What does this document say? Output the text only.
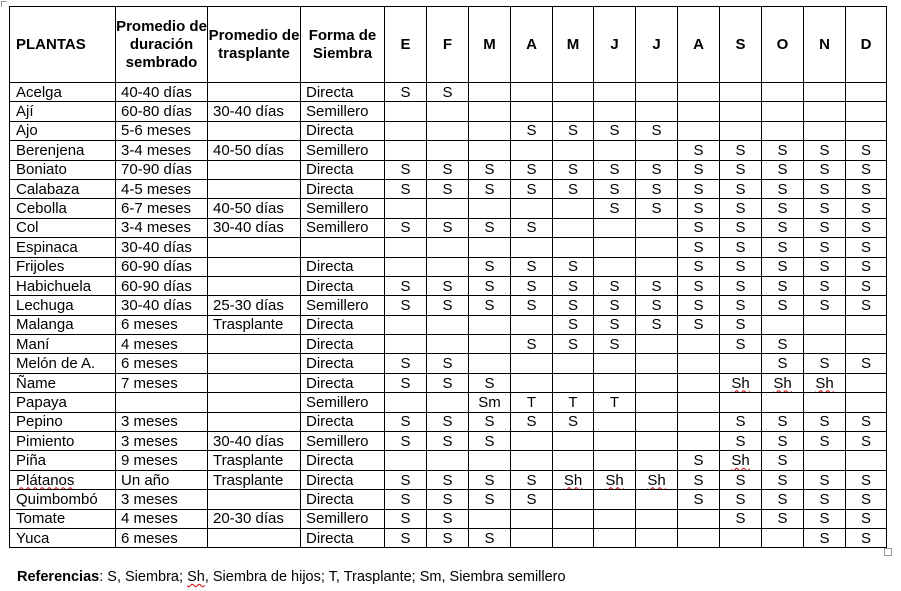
PLANTAS	Promedio de duración sembrado	Promedio de trasplante	Forma de Siembra	E	F	M	A	M	J	J	A	S	O	N	D
Acelga	40-40 días		Directa	S	S										
Ají	60-80 días	30-40 días	Semillero												
Ajo	5-6 meses		Directa				S	S	S	S					
Berenjena	3-4 meses	40-50 días	Semillero								S	S	S	S	S
Boniato	70-90 días		Directa	S	S	S	S	S	S	S	S	S	S	S	S
Calabaza	4-5 meses		Directa	S	S	S	S	S	S	S	S	S	S	S	S
Cebolla	6-7 meses	40-50 días	Semillero						S	S	S	S	S	S	S
Col	3-4 meses	30-40 días	Semillero	S	S	S	S				S	S	S	S	S
Espinaca	30-40 días										S	S	S	S	S
Frijoles	60-90 días		Directa			S	S	S			S	S	S	S	S
Habichuela	60-90 días		Directa	S	S	S	S	S	S	S	S	S	S	S	S
Lechuga	30-40 días	25-30 días	Semillero	S	S	S	S	S	S	S	S	S	S	S	S
Malanga	6 meses	Trasplante	Directa					S	S	S	S	S			
Maní	4 meses		Directa				S	S	S			S	S		
Melón de A.	6 meses		Directa	S	S								S	S	S
Ñame	7 meses		Directa	S	S	S						Sh	Sh	Sh	
Papaya			Semillero			Sm	T	T	T						
Pepino	3 meses		Directa	S	S	S	S	S				S	S	S	S
Pimiento	3 meses	30-40 días	Semillero	S	S	S						S	S	S	S
Piña	9 meses	Trasplante	Directa								S	Sh	S		
Plátanos	Un año	Trasplante	Directa	S	S	S	S	Sh	Sh	Sh	S	S	S	S	S
Quimbombó	3 meses		Directa	S	S	S	S				S	S	S	S	S
Tomate	4 meses	20-30 días	Semillero	S	S							S	S	S	S
Yuca	6 meses		Directa	S	S	S								S	S
Referencias: S, Siembra; Sh, Siembra de hijos; T, Trasplante; Sm, Siembra semillero
